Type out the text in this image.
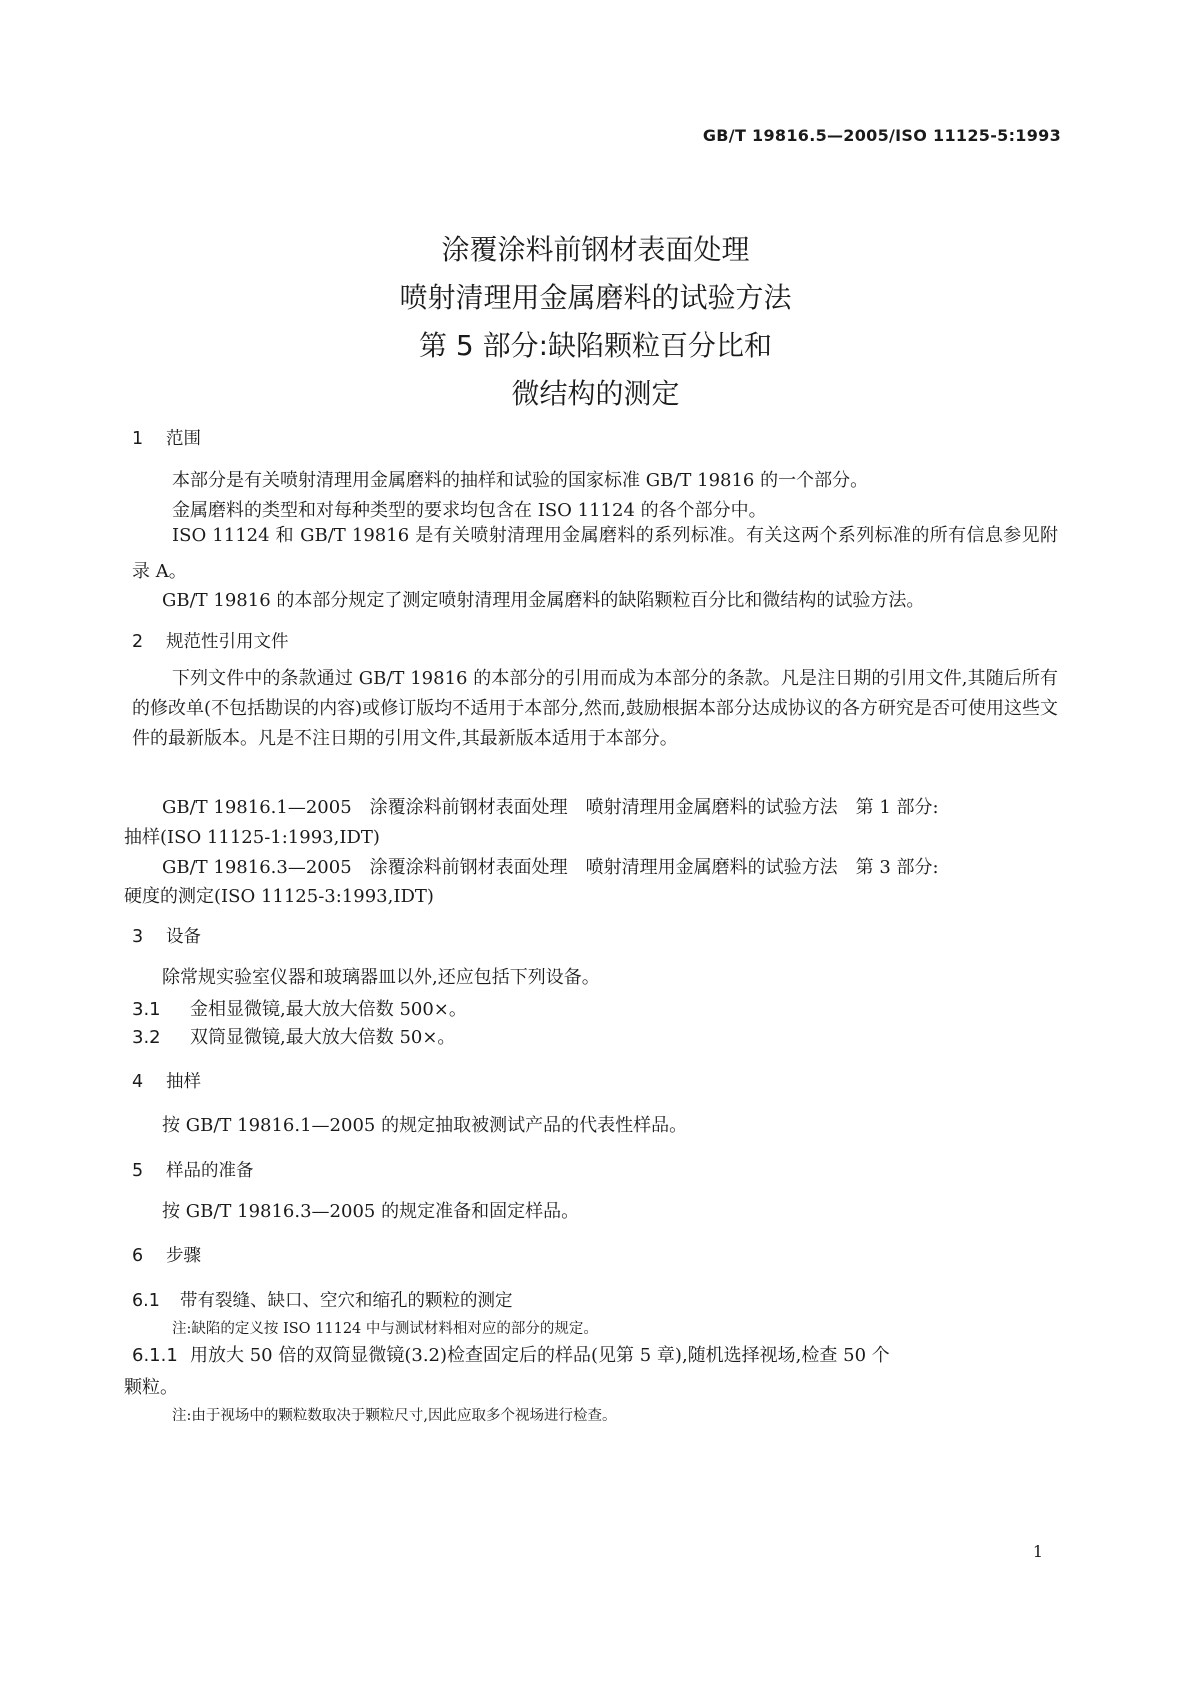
GB/T 19816.5—2005/ISO 11125-5:1993
涂覆涂料前钢材表面处理
喷射清理用金属磨料的试验方法
第 5 部分:缺陷颗粒百分比和
微结构的测定
1 范围
本部分是有关喷射清理用金属磨料的抽样和试验的国家标准 GB/T 19816 的一个部分。
金属磨料的类型和对每种类型的要求均包含在 ISO 11124 的各个部分中。
ISO 11124 和 GB/T 19816 是有关喷射清理用金属磨料的系列标准。有关这两个系列标准的所有信息参见附录 A。
GB/T 19816 的本部分规定了测定喷射清理用金属磨料的缺陷颗粒百分比和微结构的试验方法。
2 规范性引用文件
下列文件中的条款通过 GB/T 19816 的本部分的引用而成为本部分的条款。凡是注日期的引用文件,其随后所有的修改单(不包括勘误的内容)或修订版均不适用于本部分,然而,鼓励根据本部分达成协议的各方研究是否可使用这些文件的最新版本。凡是不注日期的引用文件,其最新版本适用于本部分。
GB/T 19816.1—2005　涂覆涂料前钢材表面处理　喷射清理用金属磨料的试验方法　第 1 部分:
抽样(ISO 11125-1:1993,IDT)
GB/T 19816.3—2005　涂覆涂料前钢材表面处理　喷射清理用金属磨料的试验方法　第 3 部分:
硬度的测定(ISO 11125-3:1993,IDT)
3 设备
除常规实验室仪器和玻璃器皿以外,还应包括下列设备。
3.1 金相显微镜,最大放大倍数 500×。
3.2 双筒显微镜,最大放大倍数 50×。
4 抽样
按 GB/T 19816.1—2005 的规定抽取被测试产品的代表性样品。
5 样品的准备
按 GB/T 19816.3—2005 的规定准备和固定样品。
6 步骤
6.1 带有裂缝、缺口、空穴和缩孔的颗粒的测定
注:缺陷的定义按 ISO 11124 中与测试材料相对应的部分的规定。
6.1.1 用放大 50 倍的双筒显微镜(3.2)检查固定后的样品(见第 5 章),随机选择视场,检查 50 个
颗粒。
注:由于视场中的颗粒数取决于颗粒尺寸,因此应取多个视场进行检查。
1
